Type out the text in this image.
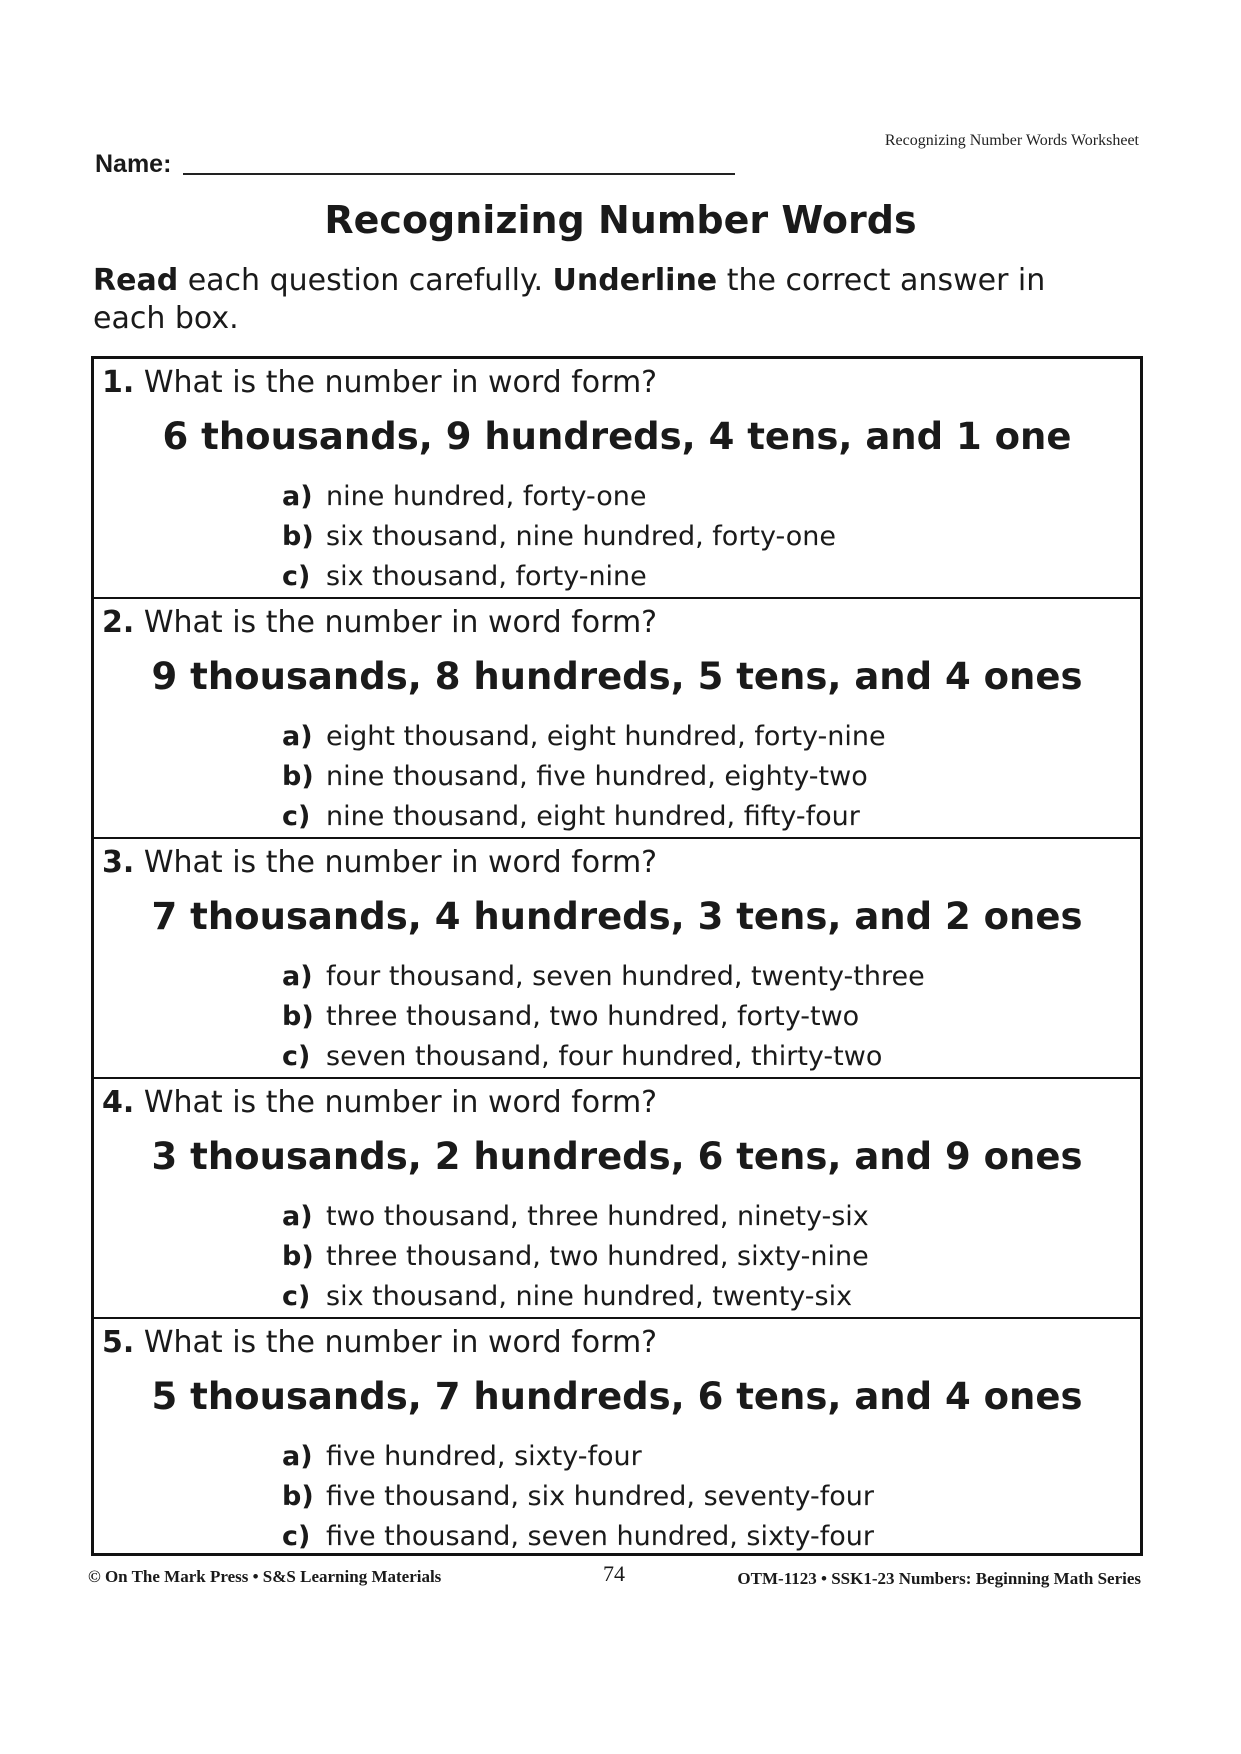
Recognizing Number Words Worksheet
Name:
Recognizing Number Words
Read each question carefully. Underline the correct answer in each box.
1. What is the number in word form?
6 thousands, 9 hundreds, 4 tens, and 1 one
a) nine hundred, forty-one
b) six thousand, nine hundred, forty-one
c) six thousand, forty-nine
2. What is the number in word form?
9 thousands, 8 hundreds, 5 tens, and 4 ones
a) eight thousand, eight hundred, forty-nine
b) nine thousand, five hundred, eighty-two
c) nine thousand, eight hundred, fifty-four
3. What is the number in word form?
7 thousands, 4 hundreds, 3 tens, and 2 ones
a) four thousand, seven hundred, twenty-three
b) three thousand, two hundred, forty-two
c) seven thousand, four hundred, thirty-two
4. What is the number in word form?
3 thousands, 2 hundreds, 6 tens, and 9 ones
a) two thousand, three hundred, ninety-six
b) three thousand, two hundred, sixty-nine
c) six thousand, nine hundred, twenty-six
5. What is the number in word form?
5 thousands, 7 hundreds, 6 tens, and 4 ones
a) five hundred, sixty-four
b) five thousand, six hundred, seventy-four
c) five thousand, seven hundred, sixty-four
© On The Mark Press • S&S Learning Materials	74	OTM-1123 • SSK1-23 Numbers: Beginning Math Series
